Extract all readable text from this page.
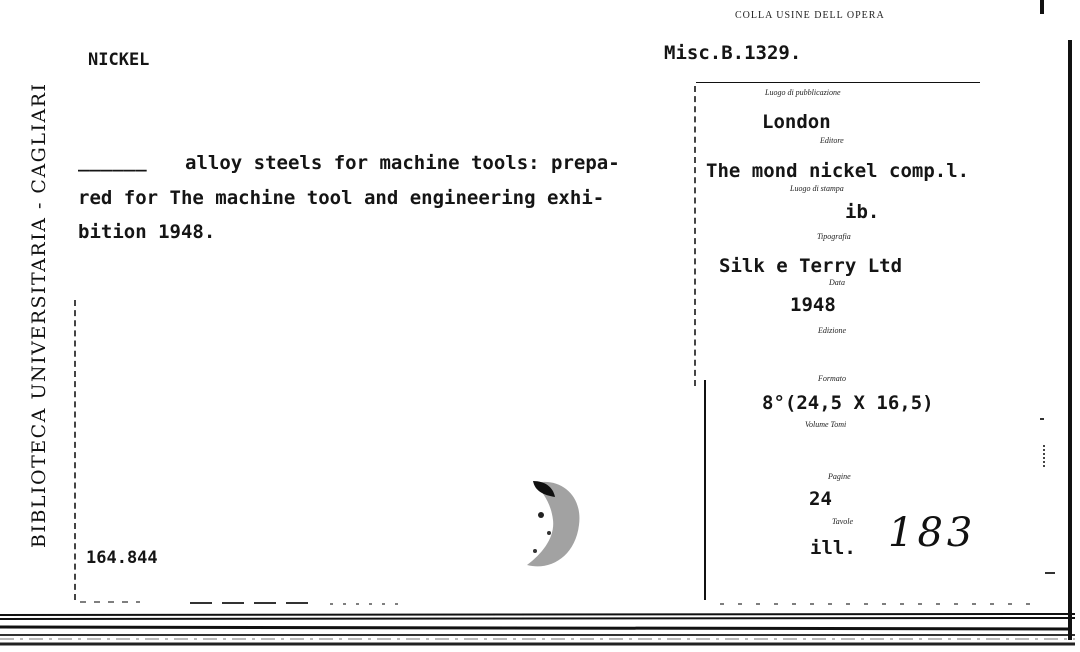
BIBLIOTECA UNIVERSITARIA - CAGLIARI
COLLA USINE DELL OPERA
NICKEL	Misc.B.1329.
______ alloy steels for machine tools: prepa-
red for The machine tool and engineering exhi-
bition 1948.
164.844
Luogo di pubblicazione
London
Editore
The mond nickel comp.l.
Luogo di stampa
ib.
Tipografia
Silk e Terry Ltd
Data
1948
Edizione
Formato
8°(24,5 X 16,5)
Volume Tomi
Pagine
24
Tavole
ill. 183
